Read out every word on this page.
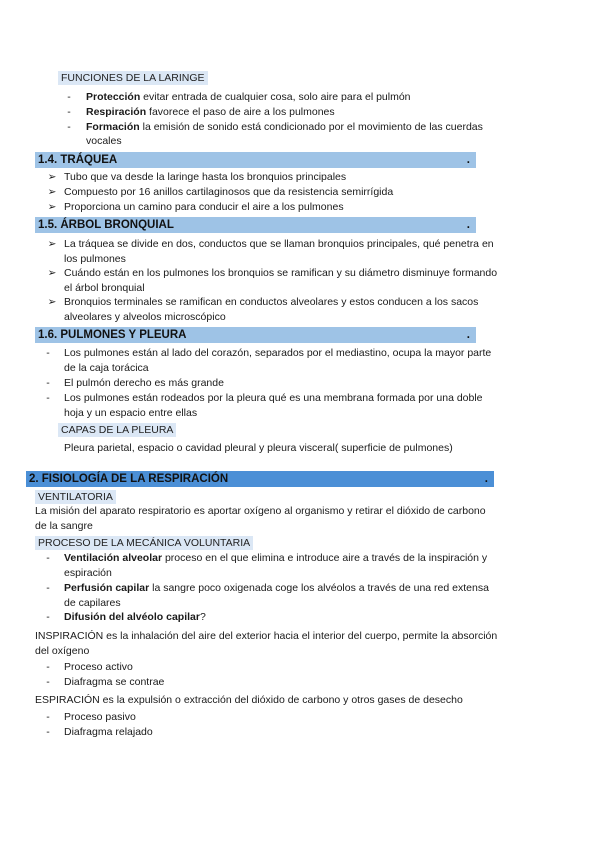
FUNCIONES DE LA LARINGE
-	Protección evitar entrada de cualquier cosa, solo aire para el pulmón
-	Respiración favorece el paso de aire a los pulmones
-	Formación la emisión de sonido está condicionado por el movimiento de las cuerdas
vocales
1.4. TRÁQUEA	.
➢ Tubo que va desde la laringe hasta los bronquios principales
➢ Compuesto por 16 anillos cartilaginosos que da resistencia semirrígida
➢ Proporciona un camino para conducir el aire a los pulmones
1.5. ÁRBOL BRONQUIAL	.
➢ La tráquea se divide en dos, conductos que se llaman bronquios principales, qué penetra en
los pulmones
➢ Cuándo están en los pulmones los bronquios se ramifican y su diámetro disminuye formando
el árbol bronquial
➢ Bronquios terminales se ramifican en conductos alveolares y estos conducen a los sacos
alveolares y alveolos microscópico
1.6. PULMONES Y PLEURA	.
-	Los pulmones están al lado del corazón, separados por el mediastino, ocupa la mayor parte
de la caja torácica
-	El pulmón derecho es más grande
-	Los pulmones están rodeados por la pleura qué es una membrana formada por una doble
hoja y un espacio entre ellas
CAPAS DE LA PLEURA
Pleura parietal, espacio o cavidad pleural y pleura visceral( superficie de pulmones)
2. FISIOLOGÍA DE LA RESPIRACIÓN	.
VENTILATORIA
La misión del aparato respiratorio es aportar oxígeno al organismo y retirar el dióxido de carbono
de la sangre
PROCESO DE LA MECÁNICA VOLUNTARIA
-	Ventilación alveolar proceso en el que elimina e introduce aire a través de la inspiración y
espiración
-	Perfusión capilar la sangre poco oxigenada coge los alvéolos a través de una red extensa
de capilares
-	Difusión del alvéolo capilar?
INSPIRACIÓN es la inhalación del aire del exterior hacia el interior del cuerpo, permite la absorción
del oxígeno
-	Proceso activo
-	Diafragma se contrae
ESPIRACIÓN es la expulsión o extracción del dióxido de carbono y otros gases de desecho
-	Proceso pasivo
-	Diafragma relajado
